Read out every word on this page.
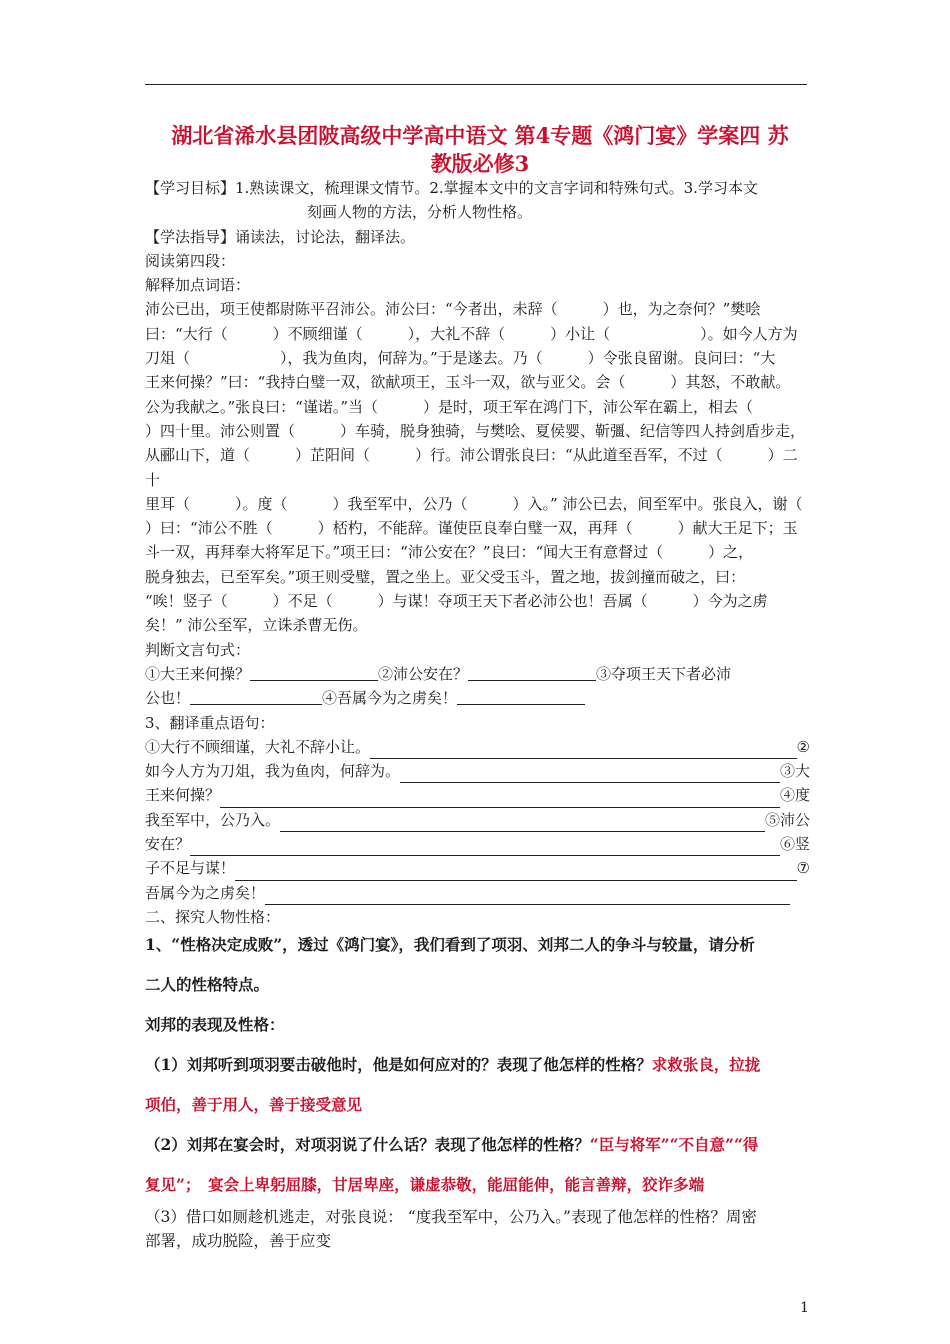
湖北省浠水县团陂高级中学高中语文 第4专题《鸿门宴》学案四 苏
教版必修3

【学习目标】1.熟读课文，梳理课文情节。2.掌握本文中的文言字词和特殊句式。3.学习本文

刻画人物的方法，分析人物性格。

【学法指导】诵读法，讨论法，翻译法。

阅读第四段：

解释加点词语：

沛公已出，项王使都尉陈平召沛公。沛公曰：“今者出，未辞（　　　）也，为之奈何？”樊哙

曰：“大行（　　　）不顾细谨（　　　），大礼不辞（　　　）小让（　　　　　　）。如今人方为

刀俎（　　　　　　），我为鱼肉，何辞为。”于是遂去。乃（　　　）令张良留谢。良问曰：“大

王来何操？”曰：“我持白璧一双，欲献项王，玉斗一双，欲与亚父。会（　　　）其怒，不敢献。

公为我献之。”张良曰：“谨诺。”当（　　　）是时，项王军在鸿门下，沛公军在霸上，相去（

）四十里。沛公则置（　　　）车骑，脱身独骑，与樊哙、夏侯婴、靳彊、纪信等四人持剑盾步走，

从郦山下，道（　　　）芷阳间（　　　）行。沛公谓张良曰：“从此道至吾军，不过（　　　）二十

里耳（　　　）。度（　　　）我至军中，公乃（　　　）入。” 沛公已去，间至军中。张良入，谢（

）曰：“沛公不胜（　　　）桮杓，不能辞。谨使臣良奉白璧一双，再拜（　　　）献大王足下；玉

斗一双，再拜奉大将军足下。”项王曰：“沛公安在？”良曰：“闻大王有意督过（　　　）之，

脱身独去，已至军矣。”项王则受璧，置之坐上。亚父受玉斗，置之地，拔剑撞而破之，曰：

“唉！竖子（　　　）不足（　　　）与谋！夺项王天下者必沛公也！吾属（　　　）今为之虏

矣！” 沛公至军，立诛杀曹无伤。

判断文言句式：

①大王来何操？	②沛公安在？	③夺项王天下者必沛

公也！	④吾属今为之虏矣！

3、翻译重点语句：

①大行不顾细谨，大礼不辞小让。	②

如今人方为刀俎，我为鱼肉，何辞为。	③大

王来何操？	④度

我至军中，公乃入。	⑤沛公

安在？	⑥竖

子不足与谋！	⑦

吾属今为之虏矣！

二、探究人物性格：

1、“性格决定成败”，透过《鸿门宴》，我们看到了项羽、刘邦二人的争斗与较量，请分析
二人的性格特点。
刘邦的表现及性格：
（1）刘邦听到项羽要击破他时，他是如何应对的？表现了他怎样的性格？求救张良，拉拢
项伯，善于用人，善于接受意见
（2）刘邦在宴会时，对项羽说了什么话？表现了他怎样的性格？“臣与将军”“不自意”“得
复见”；　宴会上卑躬屈膝，甘居卑座，谦虚恭敬，能屈能伸，能言善辩，狡诈多端
（3）借口如厕趁机逃走，对张良说： “度我至军中，公乃入。”表现了他怎样的性格？周密
部署，成功脱险，善于应变
1
